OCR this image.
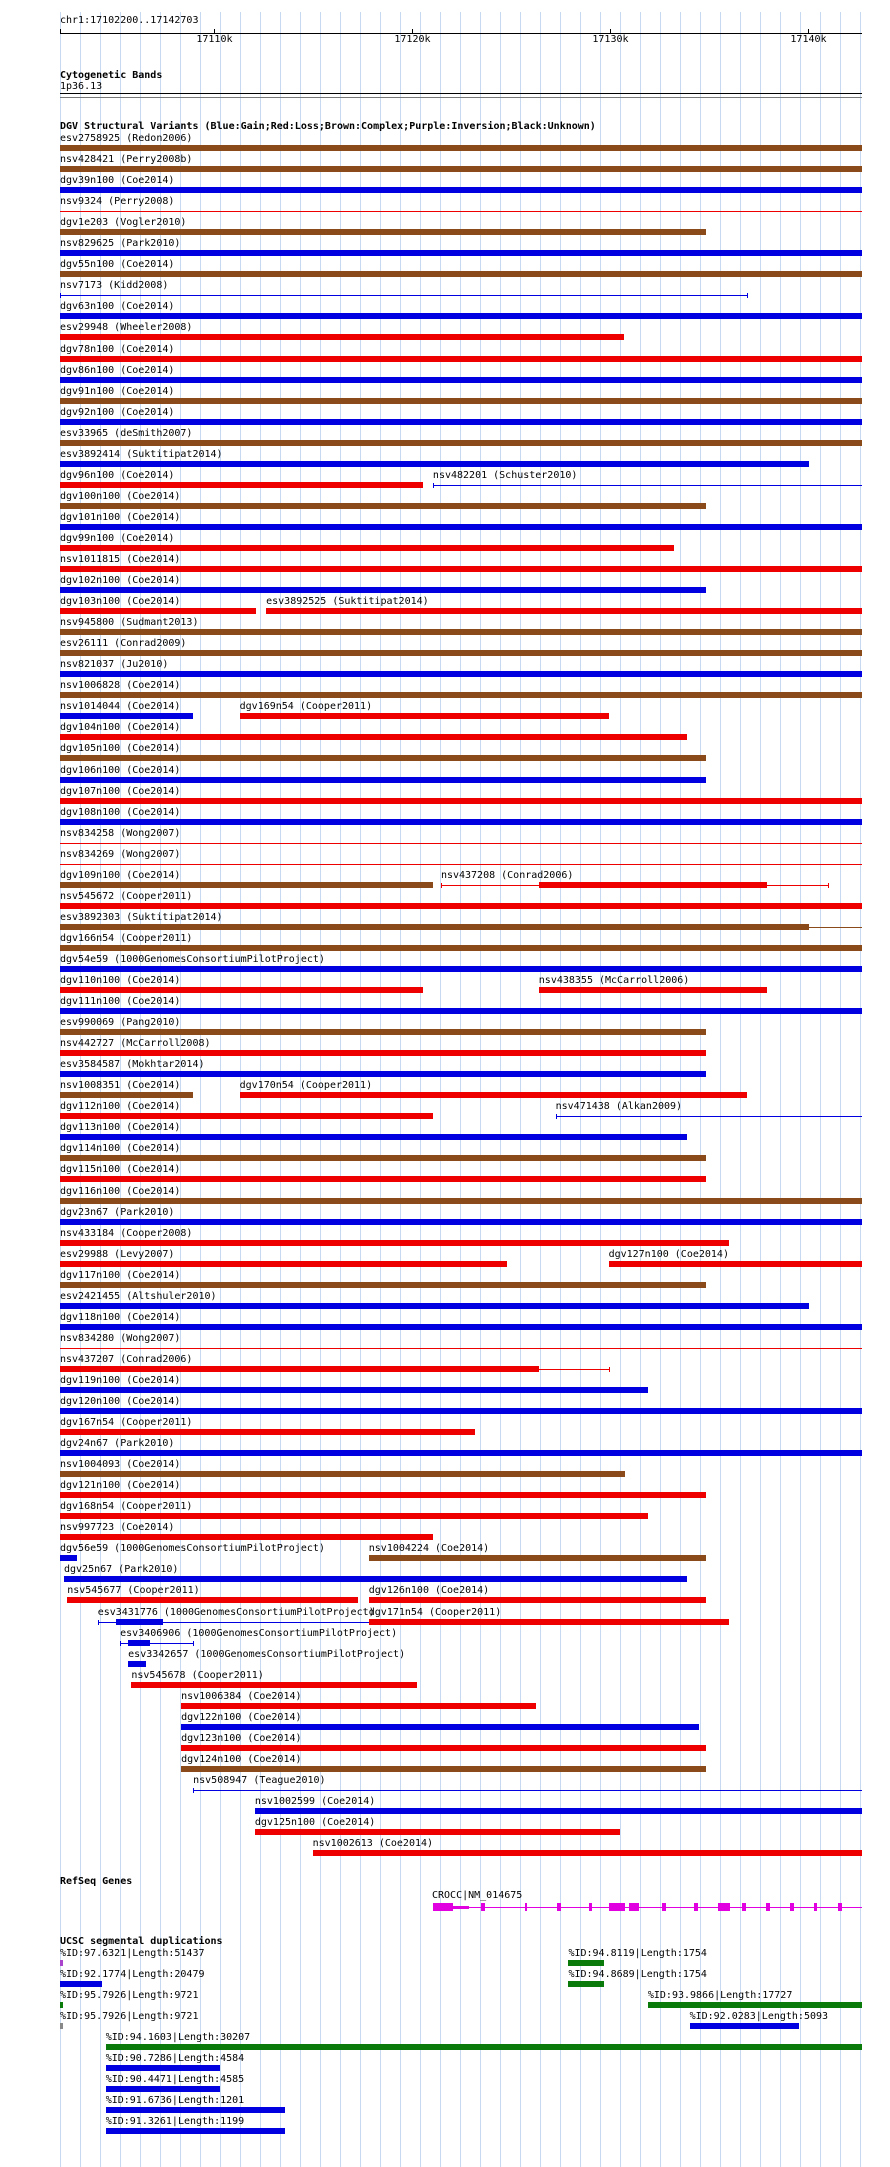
chr1:17102200..17142703
17110k	17120k	17130k	17140k
Cytogenetic Bands
1p36.13
DGV Structural Variants (Blue:Gain;Red:Loss;Brown:Complex;Purple:Inversion;Black:Unknown)
esv2758925 (Redon2006)
nsv428421 (Perry2008b)
dgv39n100 (Coe2014)
nsv9324 (Perry2008)
dgv1e203 (Vogler2010)
nsv829625 (Park2010)
dgv55n100 (Coe2014)
nsv7173 (Kidd2008)
dgv63n100 (Coe2014)
esv29948 (Wheeler2008)
dgv78n100 (Coe2014)
dgv86n100 (Coe2014)
dgv91n100 (Coe2014)
dgv92n100 (Coe2014)
esv33965 (deSmith2007)
esv3892414 (Suktitipat2014)
dgv96n100 (Coe2014)	nsv482201 (Schuster2010)
dgv100n100 (Coe2014)
dgv101n100 (Coe2014)
dgv99n100 (Coe2014)
nsv1011815 (Coe2014)
dgv102n100 (Coe2014)
dgv103n100 (Coe2014)	esv3892525 (Suktitipat2014)
nsv945800 (Sudmant2013)
esv26111 (Conrad2009)
nsv821037 (Ju2010)
nsv1006828 (Coe2014)
nsv1014044 (Coe2014)	dgv169n54 (Cooper2011)
dgv104n100 (Coe2014)
dgv105n100 (Coe2014)
dgv106n100 (Coe2014)
dgv107n100 (Coe2014)
dgv108n100 (Coe2014)
nsv834258 (Wong2007)
nsv834269 (Wong2007)
dgv109n100 (Coe2014)	nsv437208 (Conrad2006)
nsv545672 (Cooper2011)
esv3892303 (Suktitipat2014)
dgv166n54 (Cooper2011)
dgv54e59 (1000GenomesConsortiumPilotProject)
dgv110n100 (Coe2014)	nsv438355 (McCarroll2006)
dgv111n100 (Coe2014)
esv990069 (Pang2010)
nsv442727 (McCarroll2008)
esv3584587 (Mokhtar2014)
nsv1008351 (Coe2014)	dgv170n54 (Cooper2011)
dgv112n100 (Coe2014)	nsv471438 (Alkan2009)
dgv113n100 (Coe2014)
dgv114n100 (Coe2014)
dgv115n100 (Coe2014)
dgv116n100 (Coe2014)
dgv23n67 (Park2010)
nsv433184 (Cooper2008)
esv29988 (Levy2007)	dgv127n100 (Coe2014)
dgv117n100 (Coe2014)
esv2421455 (Altshuler2010)
dgv118n100 (Coe2014)
nsv834280 (Wong2007)
nsv437207 (Conrad2006)
dgv119n100 (Coe2014)
dgv120n100 (Coe2014)
dgv167n54 (Cooper2011)
dgv24n67 (Park2010)
nsv1004093 (Coe2014)
dgv121n100 (Coe2014)
dgv168n54 (Cooper2011)
nsv997723 (Coe2014)
dgv56e59 (1000GenomesConsortiumPilotProject)	nsv1004224 (Coe2014)
dgv25n67 (Park2010)
nsv545677 (Cooper2011)	dgv126n100 (Coe2014)
esv3431776 (1000GenomesConsortiumPilotProject)
dgv171n54 (Cooper2011)
esv3406906 (1000GenomesConsortiumPilotProject)
esv3342657 (1000GenomesConsortiumPilotProject)
nsv545678 (Cooper2011)
nsv1006384 (Coe2014)
dgv122n100 (Coe2014)
dgv123n100 (Coe2014)
dgv124n100 (Coe2014)
nsv508947 (Teague2010)
nsv1002599 (Coe2014)
dgv125n100 (Coe2014)
nsv1002613 (Coe2014)
RefSeq Genes
CROCC|NM_014675
UCSC segmental duplications
%ID:97.6321|Length:51437	%ID:94.8119|Length:1754
%ID:92.1774|Length:20479	%ID:94.8689|Length:1754
%ID:95.7926|Length:9721	%ID:93.9866|Length:17727
%ID:95.7926|Length:9721	%ID:92.0283|Length:5093
%ID:94.1603|Length:30207
%ID:90.7286|Length:4584
%ID:90.4471|Length:4585
%ID:91.6736|Length:1201
%ID:91.3261|Length:1199
